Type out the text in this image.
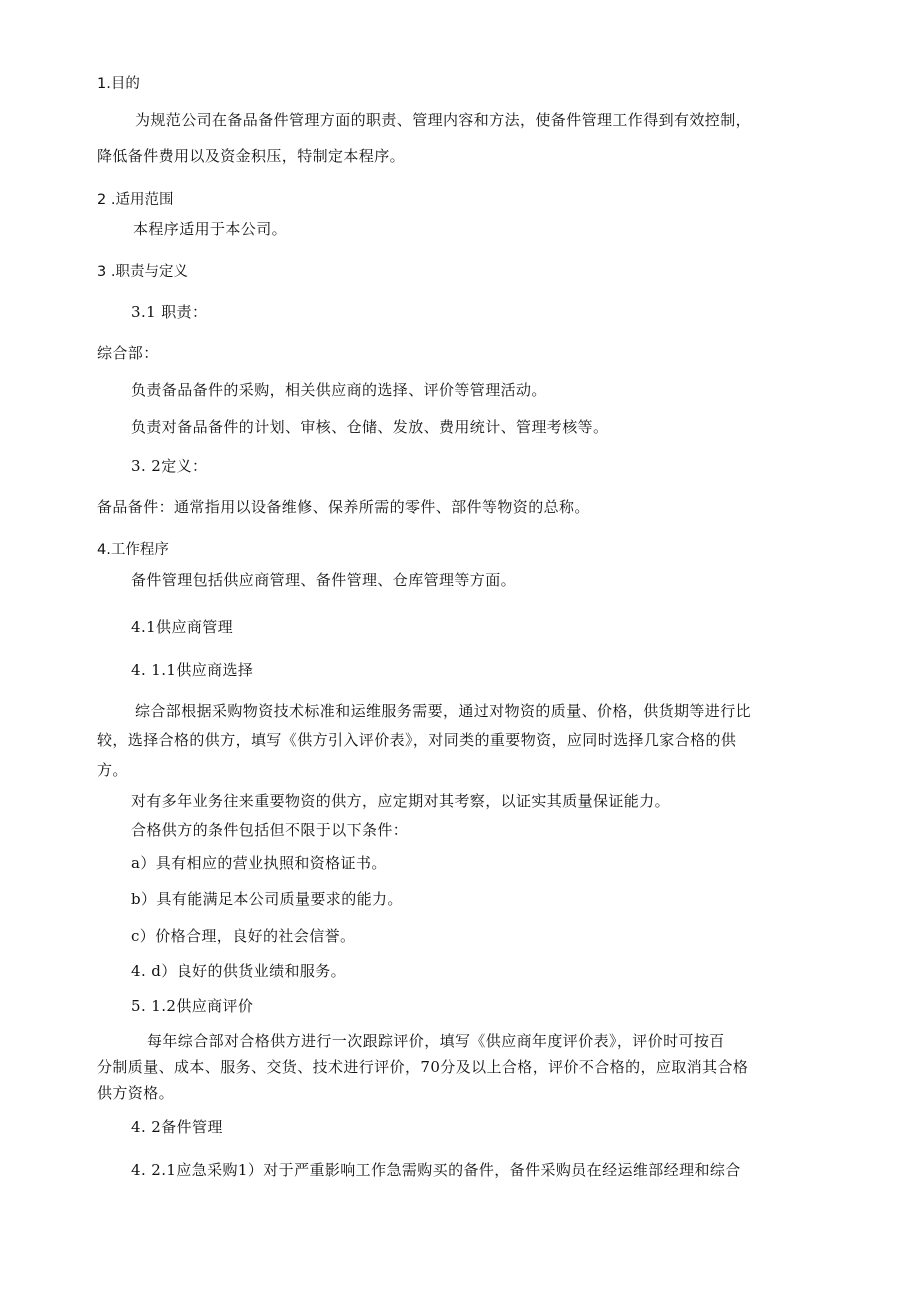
1.目的
为规范公司在备品备件管理方面的职责、管理内容和方法，使备件管理工作得到有效控制，
降低备件费用以及资金积压，特制定本程序。
2 .适用范围
本程序适用于本公司。
3 .职责与定义
3.1 职责：
综合部：
负责备品备件的采购，相关供应商的选择、评价等管理活动。
负责对备品备件的计划、审核、仓储、发放、费用统计、管理考核等。
3. 2定义：
备品备件：通常指用以设备维修、保养所需的零件、部件等物资的总称。
4.工作程序
备件管理包括供应商管理、备件管理、仓库管理等方面。
4.1供应商管理
4. 1.1供应商选择
综合部根据采购物资技术标准和运维服务需要，通过对物资的质量、价格，供货期等进行比
较，选择合格的供方，填写《供方引入评价表》，对同类的重要物资，应同时选择几家合格的供
方。
对有多年业务往来重要物资的供方，应定期对其考察，以证实其质量保证能力。
合格供方的条件包括但不限于以下条件：
a）具有相应的营业执照和资格证书。
b）具有能满足本公司质量要求的能力。
c）价格合理，良好的社会信誉。
4. d）良好的供货业绩和服务。
5. 1.2供应商评价
每年综合部对合格供方进行一次跟踪评价，填写《供应商年度评价表》，评价时可按百
分制质量、成本、服务、交货、技术进行评价，70分及以上合格，评价不合格的，应取消其合格
供方资格。
4. 2备件管理
4. 2.1应急采购1）对于严重影响工作急需购买的备件，备件采购员在经运维部经理和综合
